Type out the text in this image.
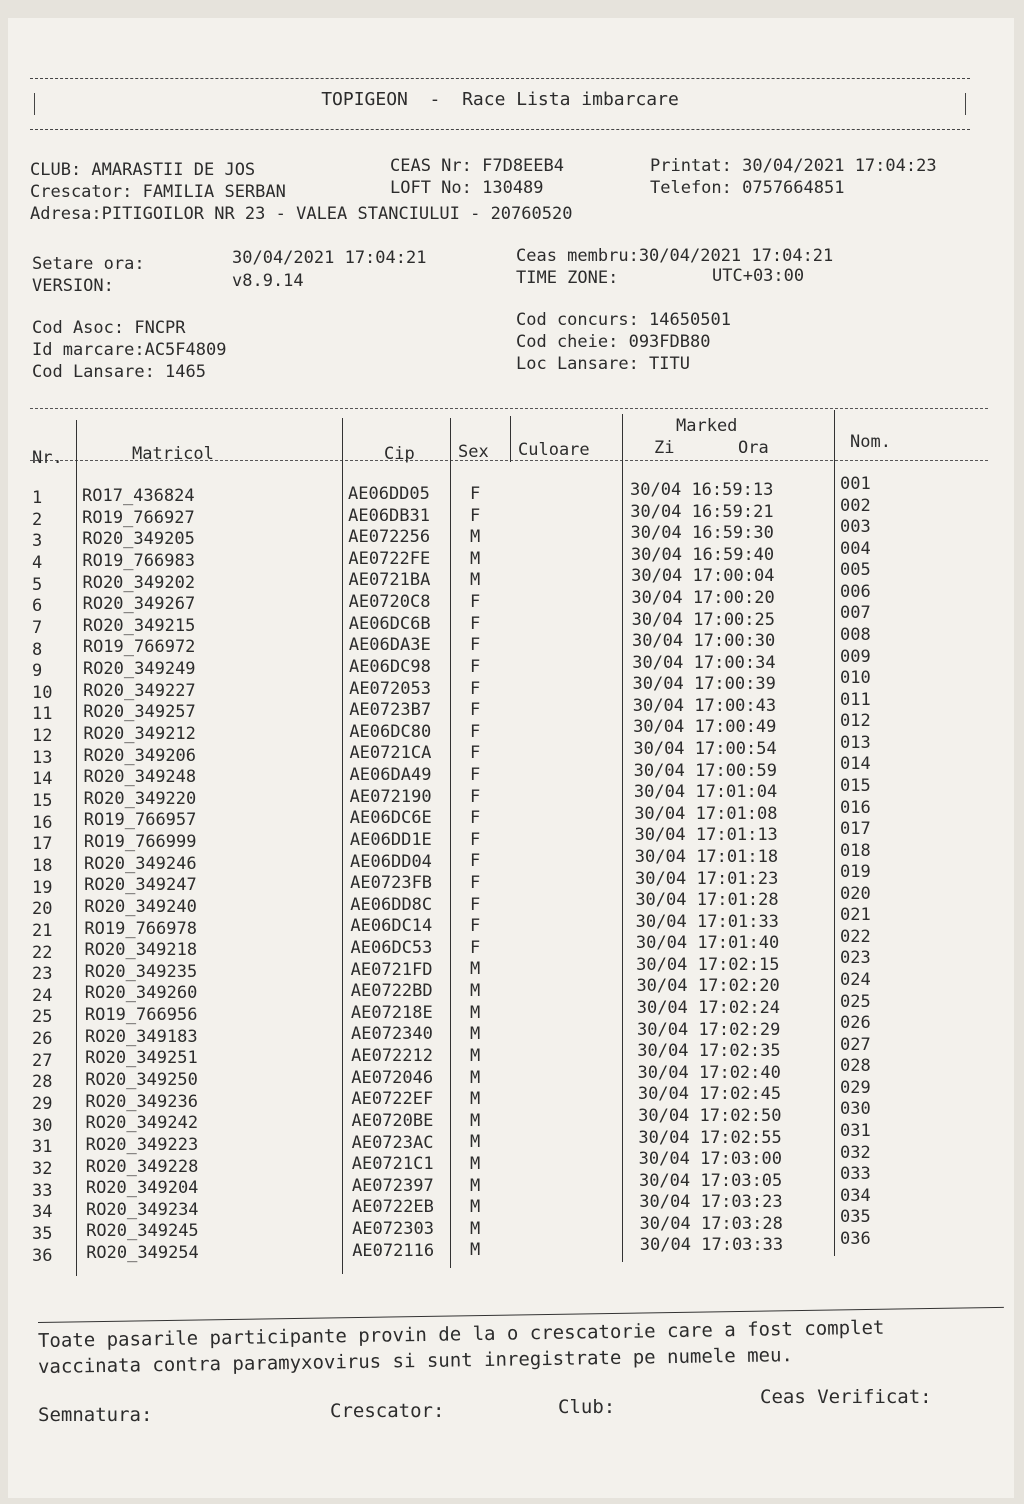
TOPIGEON  -  Race Lista imbarcare
CLUB: AMARASTII DE JOS
Crescator: FAMILIA SERBAN
Adresa:PITIGOILOR NR 23 - VALEA STANCIULUI - 20760520
CEAS Nr: F7D8EEB4
LOFT No: 130489
Printat: 30/04/2021 17:04:23
Telefon: 0757664851
Setare ora:	30/04/2021 17:04:21
VERSION:	v8.9.14
Ceas membru:30/04/2021 17:04:21
TIME ZONE:	UTC+03:00
Cod Asoc: FNCPR
Id marcare:AC5F4809
Cod Lansare: 1465
Cod concurs: 14650501
Cod cheie: 093FDB80
Loc Lansare: TITU
Nr.	Matricol	Cip	Sex Culoare
Marked
Zi	Ora	Nom.
1 RO17_436824	AE06DD05 F	30/04 16:59:13	001
2 RO19_766927	AE06DB31 F	30/04 16:59:21	002
3 RO20_349205	AE072256 M	30/04 16:59:30	003
4 RO19_766983	AE0722FE M	30/04 16:59:40	004
5 RO20_349202	AE0721BA M	30/04 17:00:04	005
6 RO20_349267	AE0720C8 F	30/04 17:00:20	006
7 RO20_349215	AE06DC6B F	30/04 17:00:25	007
8 RO19_766972	AE06DA3E F	30/04 17:00:30	008
9 RO20_349249	AE06DC98 F	30/04 17:00:34	009
10 RO20_349227	AE072053 F	30/04 17:00:39	010
11 RO20_349257	AE0723B7 F	30/04 17:00:43	011
12 RO20_349212	AE06DC80 F	30/04 17:00:49	012
13 RO20_349206	AE0721CA F	30/04 17:00:54	013
14 RO20_349248	AE06DA49 F	30/04 17:00:59	014
15 RO20_349220	AE072190 F	30/04 17:01:04	015
16 RO19_766957	AE06DC6E F	30/04 17:01:08	016
17 RO19_766999	AE06DD1E F	30/04 17:01:13	017
18 RO20_349246	AE06DD04 F	30/04 17:01:18	018
19 RO20_349247	AE0723FB F	30/04 17:01:23	019
20 RO20_349240	AE06DD8C F	30/04 17:01:28	020
21 RO19_766978	AE06DC14 F	30/04 17:01:33	021
22 RO20_349218	AE06DC53 F	30/04 17:01:40	022
23 RO20_349235	AE0721FD M	30/04 17:02:15	023
24 RO20_349260	AE0722BD M	30/04 17:02:20	024
25 RO19_766956	AE07218E M	30/04 17:02:24	025
26 RO20_349183	AE072340 M	30/04 17:02:29	026
27 RO20_349251	AE072212 M	30/04 17:02:35	027
28 RO20_349250	AE072046 M	30/04 17:02:40	028
29 RO20_349236	AE0722EF M	30/04 17:02:45	029
30 RO20_349242	AE0720BE M	30/04 17:02:50	030
31 RO20_349223	AE0723AC M	30/04 17:02:55	031
32 RO20_349228	AE0721C1 M	30/04 17:03:00	032
33 RO20_349204	AE072397 M	30/04 17:03:05	033
34 RO20_349234	AE0722EB M	30/04 17:03:23	034
35 RO20_349245	AE072303 M	30/04 17:03:28	035
36 RO20_349254	AE072116 M	30/04 17:03:33	036
Toate pasarile participante provin de la o crescatorie care a fost complet
vaccinata contra paramyxovirus si sunt inregistrate pe numele meu.
Semnatura:	Crescator:	Club:	Ceas Verificat:
